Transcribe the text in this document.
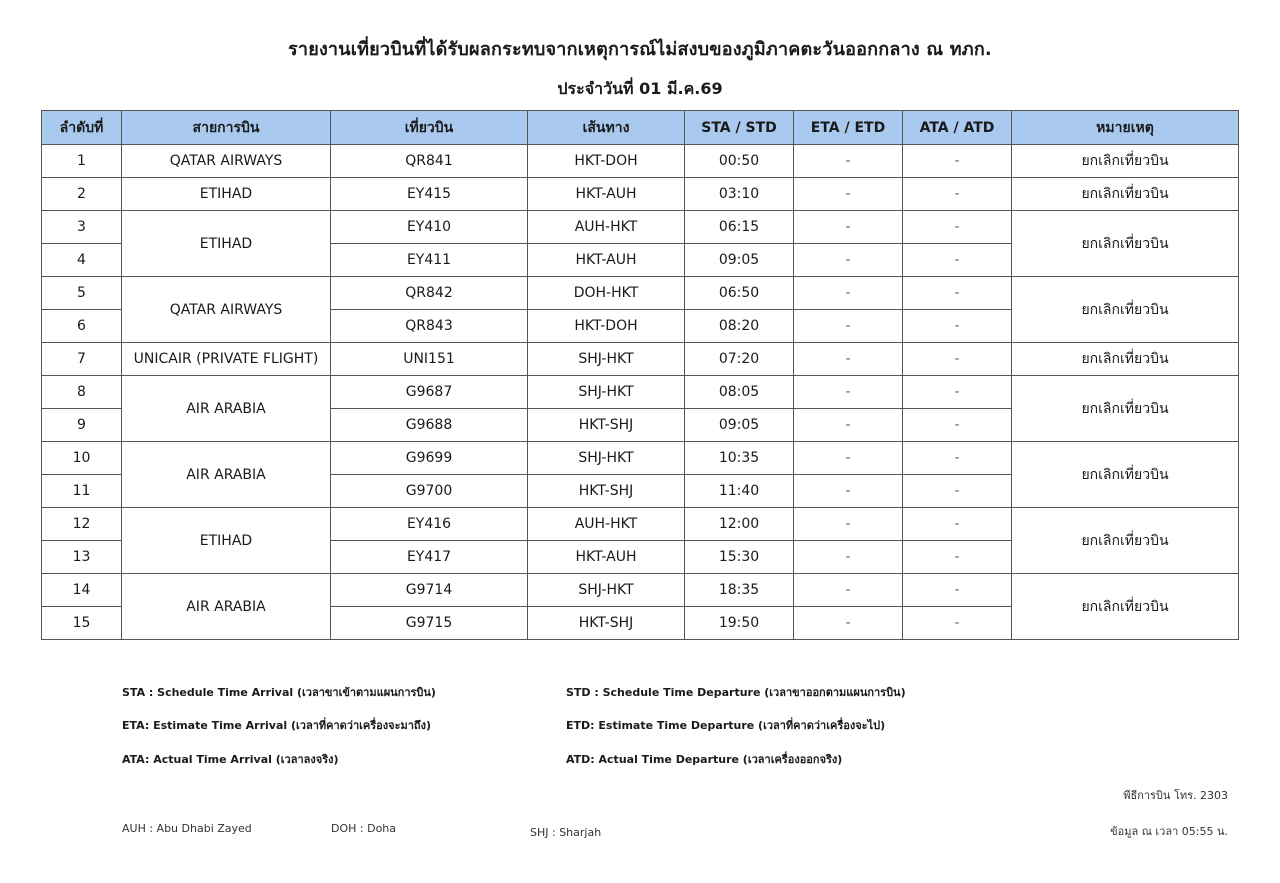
รายงานเที่ยวบินที่ได้รับผลกระทบจากเหตุการณ์ไม่สงบของภูมิภาคตะวันออกกลาง ณ ทภก.
ประจำวันที่ 01 มี.ค.69
ลำดับที่	สายการบิน	เที่ยวบิน	เส้นทาง	STA / STD	ETA / ETD	ATA / ATD	หมายเหตุ
1	QATAR AIRWAYS	QR841	HKT-DOH	00:50	-	-	ยกเลิกเที่ยวบิน
2	ETIHAD	EY415	HKT-AUH	03:10	-	-	ยกเลิกเที่ยวบิน
3	ETIHAD	EY410	AUH-HKT	06:15	-	-	ยกเลิกเที่ยวบิน
4		EY411	HKT-AUH	09:05	-	-	
5	QATAR AIRWAYS	QR842	DOH-HKT	06:50	-	-	ยกเลิกเที่ยวบิน
6		QR843	HKT-DOH	08:20	-	-	
7	UNICAIR (PRIVATE FLIGHT)	UNI151	SHJ-HKT	07:20	-	-	ยกเลิกเที่ยวบิน
8	AIR ARABIA	G9687	SHJ-HKT	08:05	-	-	ยกเลิกเที่ยวบิน
9		G9688	HKT-SHJ	09:05	-	-	
10	AIR ARABIA	G9699	SHJ-HKT	10:35	-	-	ยกเลิกเที่ยวบิน
11		G9700	HKT-SHJ	11:40	-	-	
12	ETIHAD	EY416	AUH-HKT	12:00	-	-	ยกเลิกเที่ยวบิน
13		EY417	HKT-AUH	15:30	-	-	
14	AIR ARABIA	G9714	SHJ-HKT	18:35	-	-	ยกเลิกเที่ยวบิน
15		G9715	HKT-SHJ	19:50	-	-	
STA : Schedule Time Arrival (เวลาขาเข้าตามแผนการบิน)	STD : Schedule Time Departure (เวลาขาออกตามแผนการบิน)
ETA: Estimate Time Arrival (เวลาที่คาดว่าเครื่องจะมาถึง)	ETD: Estimate Time Departure (เวลาที่คาดว่าเครื่องจะไป)
ATA: Actual Time Arrival (เวลาลงจริง)	ATD: Actual Time Departure (เวลาเครื่องออกจริง)
AUH : Abu Dhabi Zayed	DOH : Doha	SHJ : Sharjah
พีธีการบิน โทร. 2303
ข้อมูล ณ เวลา 05:55 น.
